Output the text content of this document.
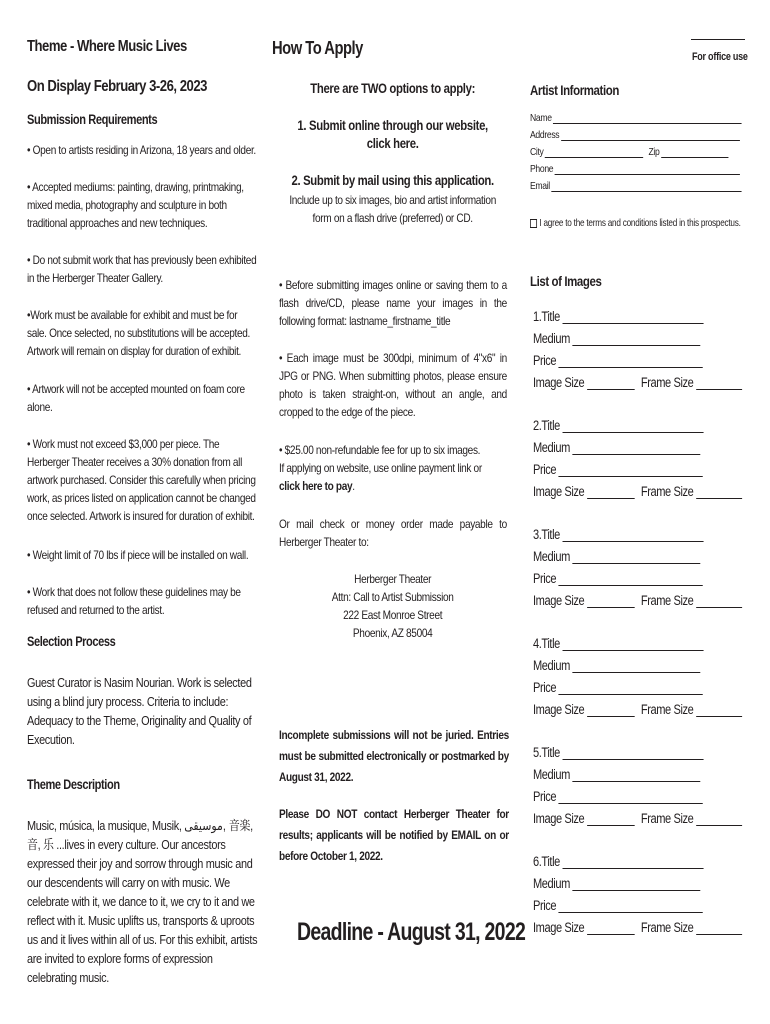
For office use
Theme - Where Music Lives
On Display February 3-26, 2023
Submission Requirements
• Open to artists residing in Arizona, 18 years and older.
• Accepted mediums: painting, drawing, printmaking, mixed media, photography and sculpture in both traditional approaches and new techniques.
• Do not submit work that has previously been exhibited in the Herberger Theater Gallery.
•Work must be available for exhibit and must be for sale. Once selected, no substitutions will be accepted. Artwork will remain on display for duration of exhibit.
• Artwork will not be accepted mounted on foam core alone.
• Work must not exceed $3,000 per piece. The Herberger Theater receives a 30% donation from all artwork purchased. Consider this carefully when pricing work, as prices listed on application cannot be changed once selected. Artwork is insured for duration of exhibit.
• Weight limit of 70 lbs if piece will be installed on wall.
• Work that does not follow these guidelines may be refused and returned to the artist.
Selection Process
Guest Curator is Nasim Nourian. Work is selected using a blind jury process. Criteria to include: Adequacy to the Theme, Originality and Quality of Execution.
Theme Description
Music, música, la musique, Musik, موسيقى, 音楽, 音, 乐 ...lives in every culture. Our ancestors expressed their joy and sorrow through music and our descendents will carry on with music. We celebrate with it, we dance to it, we cry to it and we reflect with it. Music uplifts us, transports & uproots us and it lives within all of us. For this exhibit, artists are invited to explore forms of expression celebrating music.
How To Apply
There are TWO options to apply:
1. Submit online through our website, click here.
2. Submit by mail using this application.
Include up to six images, bio and artist information form on a flash drive (preferred) or CD.
• Before submitting images online or saving them to a flash drive/CD, please name your images in the following format: lastname_firstname_title
• Each image must be 300dpi, minimum of 4"x6" in JPG or PNG. When submitting photos, please ensure photo is taken straight-on, without an angle, and cropped to the edge of the piece.
• $25.00 non-refundable fee for up to six images.
If applying on website, use online payment link or
click here to pay.
Or mail check or money order made payable to Herberger Theater to:
Herberger Theater
Attn: Call to Artist Submission
222 East Monroe Street
Phoenix, AZ 85004
Incomplete submissions will not be juried. Entries must be submitted electronically or postmarked by August 31, 2022.
Please DO NOT contact Herberger Theater for results; applicants will be notified by EMAIL on or before October 1, 2022.
Deadline - August 31, 2022
Artist Information
Name
Address
City	Zip
Phone
Email
I agree to the terms and conditions listed in this prospectus.
List of Images
1.Title
Medium
Price
Image Size	Frame Size
2.Title
Medium
Price
Image Size	Frame Size
3.Title
Medium
Price
Image Size	Frame Size
4.Title
Medium
Price
Image Size	Frame Size
5.Title
Medium
Price
Image Size	Frame Size
6.Title
Medium
Price
Image Size	Frame Size
